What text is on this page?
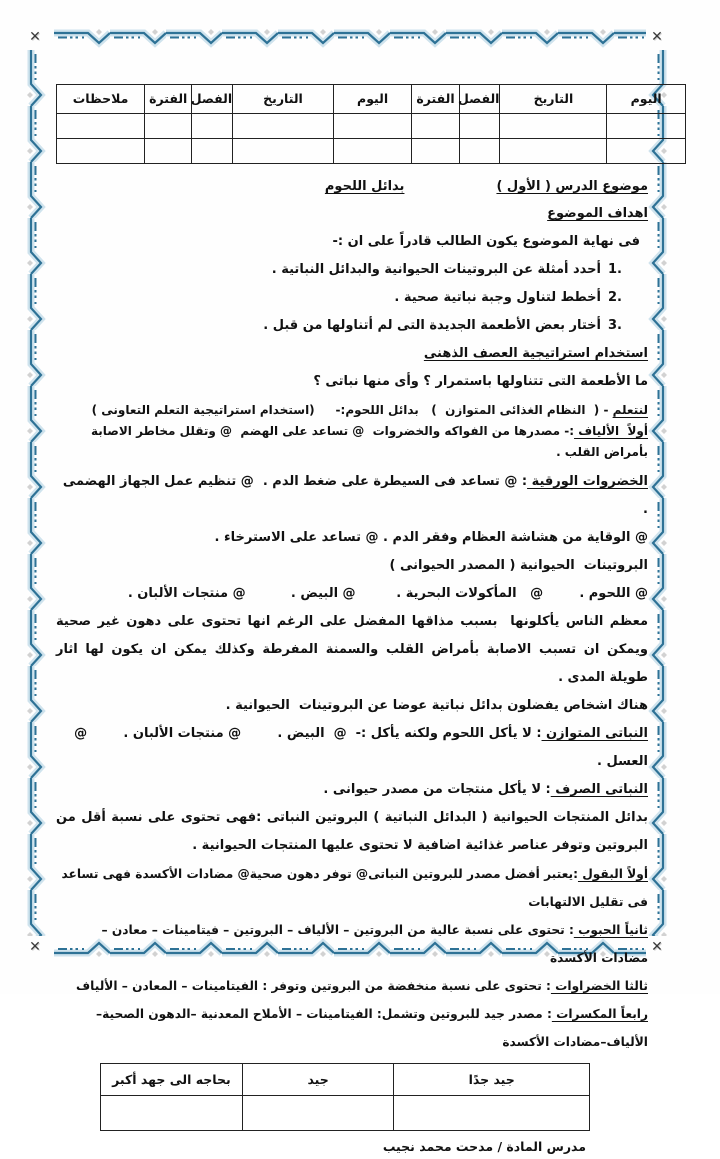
✕	✕
✕	✕
اليوم	التاريخ	الفصل	الفترة	اليوم	التاريخ	الفصل	الفترة	ملاحظات

موضوع الدرس ( الأول )
بدائل اللحوم
اهداف الموضوع
فى نهاية الموضوع يكون الطالب قادراً على ان :-
1.
أحدد أمثلة عن البروتينات الحيوانية والبدائل النباتية .
2.
أخطط لتناول وجبة نباتية صحية .
3.
أختار بعض الأطعمة الجديدة التى لم أتناولها من قبل .
استخدام استراتيجية العصف الذهنى
ما الأطعمة التى تتناولها باستمرار ؟ وأى منها نباتى ؟
لنتعلم - (  النظام الغذائى المتوازن  )   بدائل اللحوم:-     (استخدام استراتيجية التعلم التعاونى )
أولاً  الألياف :- مصدرها من الفواكه والخضروات  @ تساعد على الهضم  @ وتقلل مخاطر الاصابة بأمراض القلب .
الخضروات الورقية : @ تساعد فى السيطرة على ضغط الدم .  @ تنظيم عمل الجهاز الهضمى .
@ الوقاية من هشاشة العظام وفقر الدم . @ تساعد على الاسترخاء .
البروتينات  الحيوانية ( المصدر الحيوانى )
@ اللحوم .        @   المأكولات البحرية .         @ البيض .          @ منتجات الألبان .
معظم الناس يأكلونها  بسبب مذاقها المفضل على الرغم انها تحتوى على دهون غير صحية ويمكن ان تسبب الاصابة بأمراض القلب والسمنة المفرطة وكذلك يمكن ان يكون لها اثار طويلة المدى .
هناك اشخاص يفضلون بدائل نباتية عوضا عن البروتينات  الحيوانية .
النباتى المتوازن : لا يأكل اللحوم ولكنه يأكل :-  @  البيض .        @ منتجات الألبان .        @ العسل .
النباتى الصرف : لا يأكل منتجات من مصدر حيوانى .
بدائل المنتجات الحيوانية ( البدائل النباتية ) البروتين النباتى :فهى تحتوى على نسبة أقل من البروتين وتوفر عناصر غذائية اضافية لا تحتوى عليها المنتجات الحيوانية .
أولاً البقول :يعتبر أفضل مصدر للبروتين النباتى@ توفر دهون صحية@ مضادات الأكسدة فهى تساعد فى تقليل الالتهابات
ثانياً الحبوب : تحتوى على نسبة عالية من البروتين – الألياف – البروتين – فيتامينات – معادن –  مضادات الأكسدة
ثالثا الخضراوات : تحتوى على نسبة منخفضة من البروتين وتوفر : الفيتامينات – المعادن – الألياف
رابعاً المكسرات : مصدر جيد للبروتين وتشمل: الفيتامينات – الأملاح المعدنية –الدهون الصحية– الألياف–مضادات الأكسدة
جيد جدًا	جيد	بحاجه الى جهد أكبر

مدرس المادة / مدحت محمد نجيب
